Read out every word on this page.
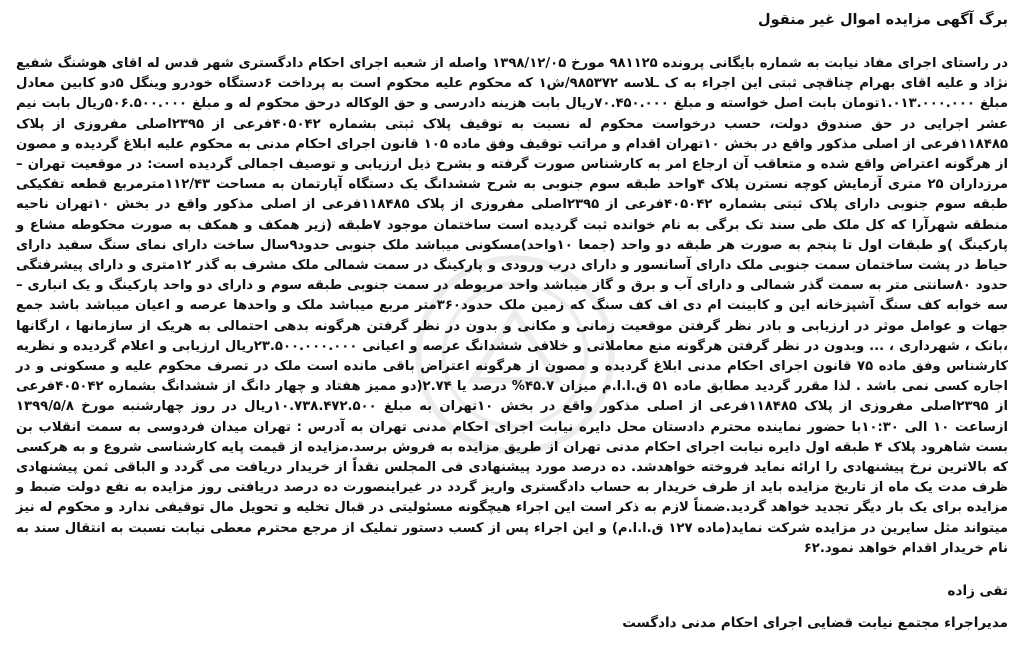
برگ آگهی مزایده اموال غیر منقول

در راستای اجرای مفاد نیابت به شماره بایگانی پرونده ۹۸۱۱۲۵ مورخ ۱۳۹۸/۱۲/۰۵ واصله از شعبه اجرای احکام دادگستری شهر قدس له اقای هوشنگ شفیع نژاد و علیه اقای بهرام چناقچی ثبتی این اجراء به ک ـلاسه ۹۸۵۳۷۲/ش۱ که محکوم علیه محکوم است به پرداخت ۶دستگاه خودرو وینگل ۵دو کابین معادل مبلغ ۱.۰۱۳.۰۰۰.۰۰۰تومان بابت اصل خواسته و مبلغ ۷۰.۴۵۰.۰۰۰ریال بابت هزینه دادرسی و حق الوکاله درحق محکوم له و مبلغ ۵۰۶.۵۰۰.۰۰۰ریال بابت نیم عشر اجرایی در حق صندوق دولت، حسب درخواست محکوم له نسبت به توقیف پلاک ثبتی بشماره ۴۰۵۰۴۲فرعی از ۲۳۹۵اصلی مفروزی از پلاک ۱۱۸۴۸۵فرعی از اصلی مذکور واقع در بخش ۱۰تهران اقدام و مراتب توقیف وفق ماده ۱۰۵ قانون اجرای احکام مدنی به محکوم علیه ابلاغ گردیده و مصون از هرگونه اعتراض واقع شده و متعاقب آن ارجاع امر به کارشناس صورت گرفته و بشرح ذیل ارزیابی و توصیف اجمالی گردیده است: در موقعیت تهران –مرزداران ۲۵ متری آزمایش کوچه نسترن پلاک ۴واحد طبقه سوم جنوبی به شرح ششدانگ یک دستگاه آپارتمان به مساحت ۱۱۲/۴۳مترمربع قطعه تفکیکی طبقه سوم جنوبی دارای پلاک ثبتی بشماره ۴۰۵۰۴۲فرعی از ۲۳۹۵اصلی مفروزی از پلاک ۱۱۸۴۸۵فرعی از اصلی مذکور واقع در بخش ۱۰تهران ناحیه منطقه شهرآرا که کل ملک طی سند تک برگی به نام خوانده ثبت گردیده است ساختمان موجود ۷طبقه (زیر همکف و همکف به صورت محکوطه مشاع و پارکینگ )و طبقات اول تا پنجم به صورت هر طبقه دو واحد (جمعا ۱۰واحد)مسکونی میباشد ملک جنوبی حدود۹سال ساخت دارای نمای سنگ سفید دارای حیاط در پشت ساختمان سمت جنوبی ملک دارای آسانسور و دارای درب ورودی و پارکینگ در سمت شمالی ملک مشرف به گذر ۱۲متری و دارای پیشرفتگی حدود ۸۰سانتی متر به سمت گذر شمالی و دارای آب و برق و گاز میباشد واحد مربوطه در سمت جنوبی طبقه سوم و دارای دو واحد پارکینگ و یک انباری –سه خوابه کف سنگ آشپزخانه این و کابینت ام دی اف کف سنگ که زمین ملک حدود۳۶۰متر مربع میباشد ملک و واحدها عرصه و اعیان میباشد باشد جمع جهات و عوامل موثر در ارزیابی و بادر نظر گرفتن موقعیت زمانی و مکانی و بدون در نظر گرفتن هرگونه بدهی احتمالی به هریک از سازمانها ، ارگانها ،بانک ، شهرداری ، ... وبدون در نظر گرفتن هرگونه منع معاملاتی و خلافی ششدانگ عرصه و اعیانی ۲۳.۵۰۰.۰۰۰.۰۰۰ریال ارزیابی و اعلام گردیده و نظریه کارشناس وفق ماده ۷۵ قانون اجرای احکام مدنی ابلاغ گردیده و مصون از هرگونه اعتراض باقی مانده است ملک در تصرف محکوم علیه و مسکونی و در اجاره کسی نمی باشد . لذا مقرر گردید مطابق ماده ۵۱ ق.ا.ا.م میزان ۴۵.۷% درصد یا ۲.۷۴(دو ممیز هفتاد و چهار دانگ از ششدانگ بشماره ۴۰۵۰۴۲فرعی از ۲۳۹۵اصلی مفروزی از پلاک ۱۱۸۴۸۵فرعی از اصلی مذکور واقع در بخش ۱۰تهران به مبلغ ۱۰.۷۳۸.۴۷۲.۵۰۰ریال در روز چهارشنبه مورخ ۱۳۹۹/۵/۸ ازساعت ۱۰ الی ۱۰:۳۰با حضور نماینده محترم دادستان محل دایره نیابت اجرای احکام مدنی تهران به آدرس : تهران میدان فردوسی به سمت انقلاب بن بست شاهرود پلاک ۴ طبقه اول دایره نیابت اجرای احکام مدنی تهران از طریق مزایده به فروش برسد.مزایده از قیمت پایه کارشناسی شروع و به هرکسی که بالاترین نرخ پیشنهادی را ارائه نماید فروخته خواهدشد. ده درصد مورد پیشنهادی فی المجلس نقداً از خریدار دریافت می گردد و الباقی ثمن پیشنهادی ظرف مدت یک ماه از تاریخ مزایده باید از طرف خریدار به حساب دادگستری واریز گردد در غیراینصورت ده درصد دریافتی روز مزایده به نفع دولت ضبط و مزایده برای یک بار دیگر تجدید خواهد گردید.ضمناً لازم به ذکر است این اجراء هیچگونه مسئولیتی در قبال تخلیه و تحویل مال توقیفی ندارد و محکوم له نیز میتواند مثل سایرین در مزایده شرکت نماید(ماده ۱۲۷ ق.ا.ا.م) و این اجراء پس از کسب دستور تملیک از مرجع محترم معطی نیابت نسبت به انتقال سند به نام خریدار اقدام خواهد نمود.۶۲

تقی زاده
مدیراجراء مجتمع نیابت قضایی اجرای احکام مدنی دادگست
